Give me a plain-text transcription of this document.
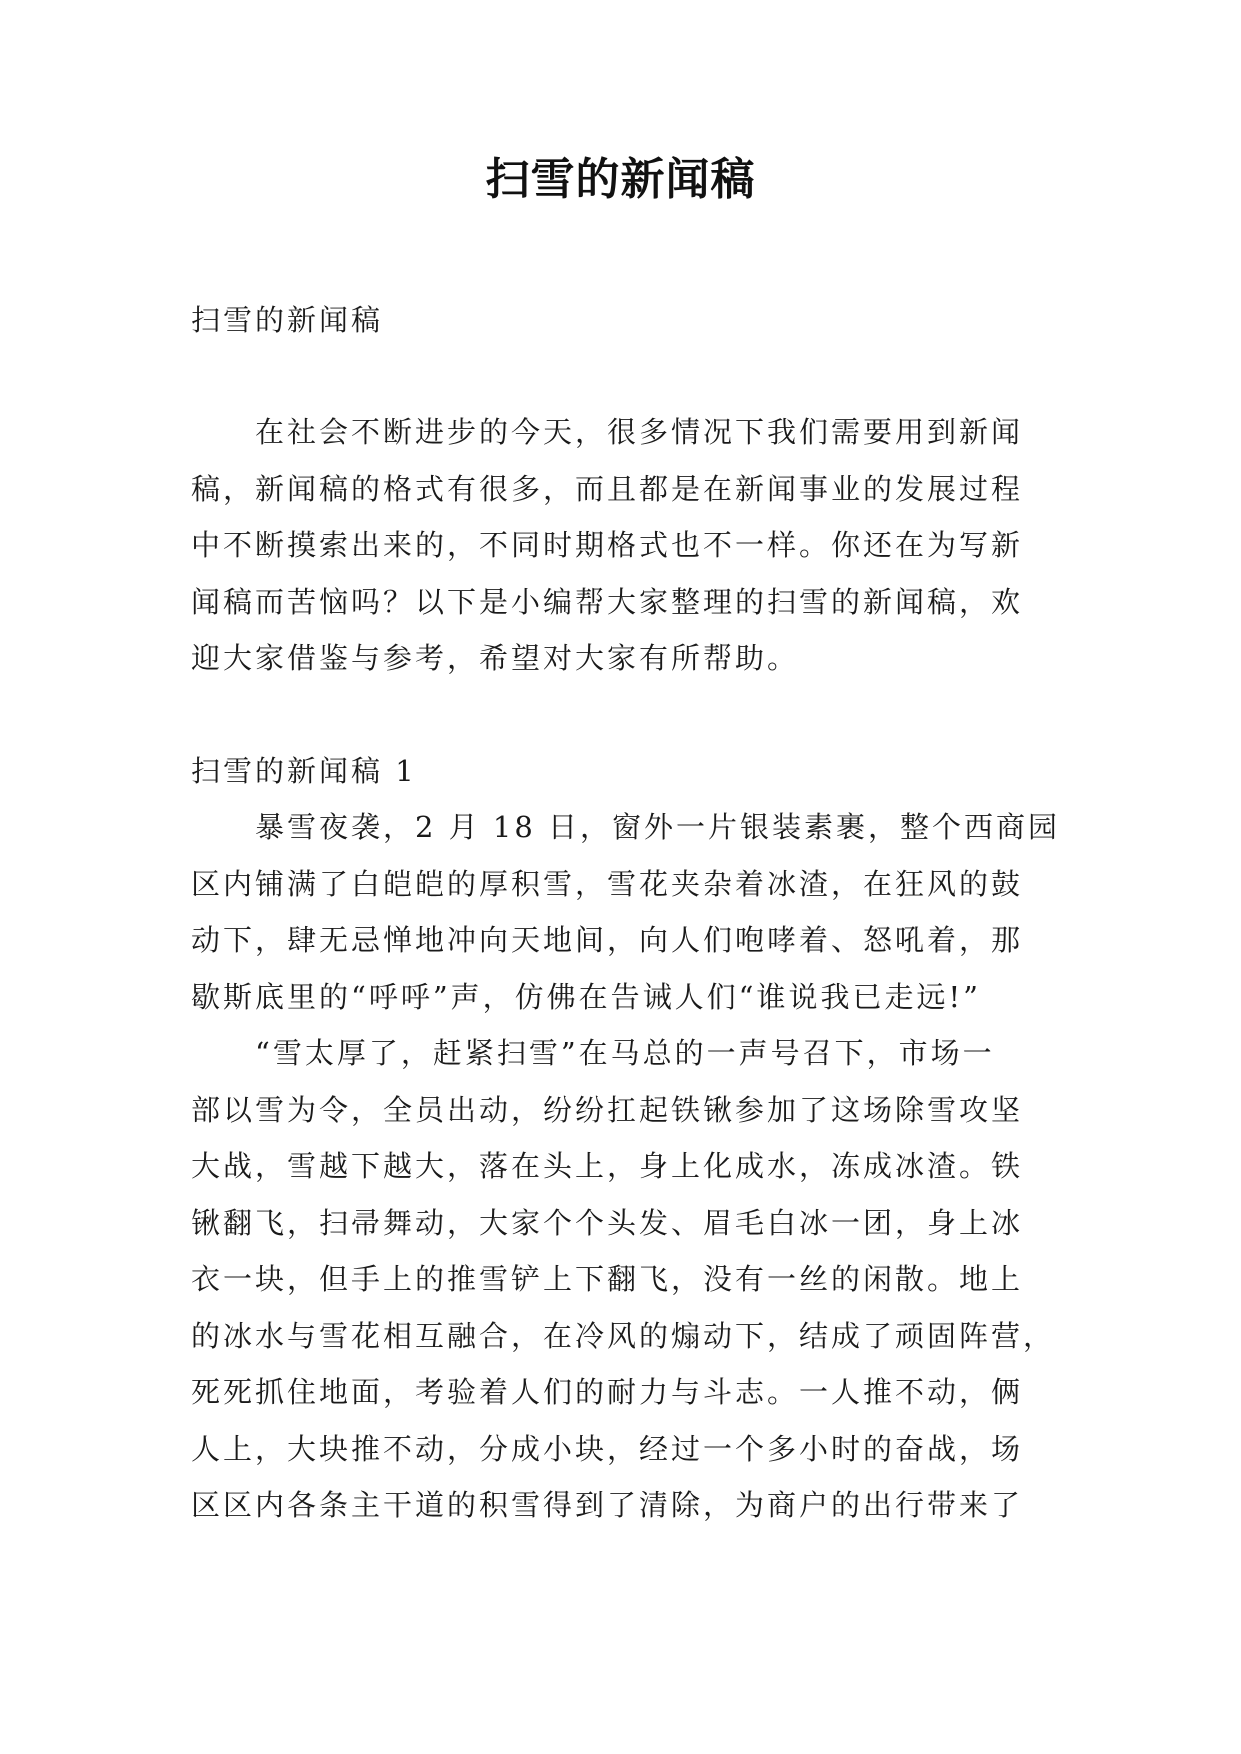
扫雪的新闻稿
扫雪的新闻稿
在社会不断进步的今天，很多情况下我们需要用到新闻
稿，新闻稿的格式有很多，而且都是在新闻事业的发展过程
中不断摸索出来的，不同时期格式也不一样。你还在为写新
闻稿而苦恼吗？以下是小编帮大家整理的扫雪的新闻稿，欢
迎大家借鉴与参考，希望对大家有所帮助。
扫雪的新闻稿 1
暴雪夜袭，2 月 18 日，窗外一片银装素裹，整个西商园
区内铺满了白皑皑的厚积雪，雪花夹杂着冰渣，在狂风的鼓
动下，肆无忌惮地冲向天地间，向人们咆哮着、怒吼着，那
歇斯底里的“呼呼”声，仿佛在告诫人们“谁说我已走远!”
“雪太厚了，赶紧扫雪”在马总的一声号召下，市场一
部以雪为令，全员出动，纷纷扛起铁锹参加了这场除雪攻坚
大战，雪越下越大，落在头上，身上化成水，冻成冰渣。铁
锹翻飞，扫帚舞动，大家个个头发、眉毛白冰一团，身上冰
衣一块，但手上的推雪铲上下翻飞，没有一丝的闲散。地上
的冰水与雪花相互融合，在冷风的煽动下，结成了顽固阵营，
死死抓住地面，考验着人们的耐力与斗志。一人推不动，俩
人上，大块推不动，分成小块，经过一个多小时的奋战，场
区区内各条主干道的积雪得到了清除，为商户的出行带来了
